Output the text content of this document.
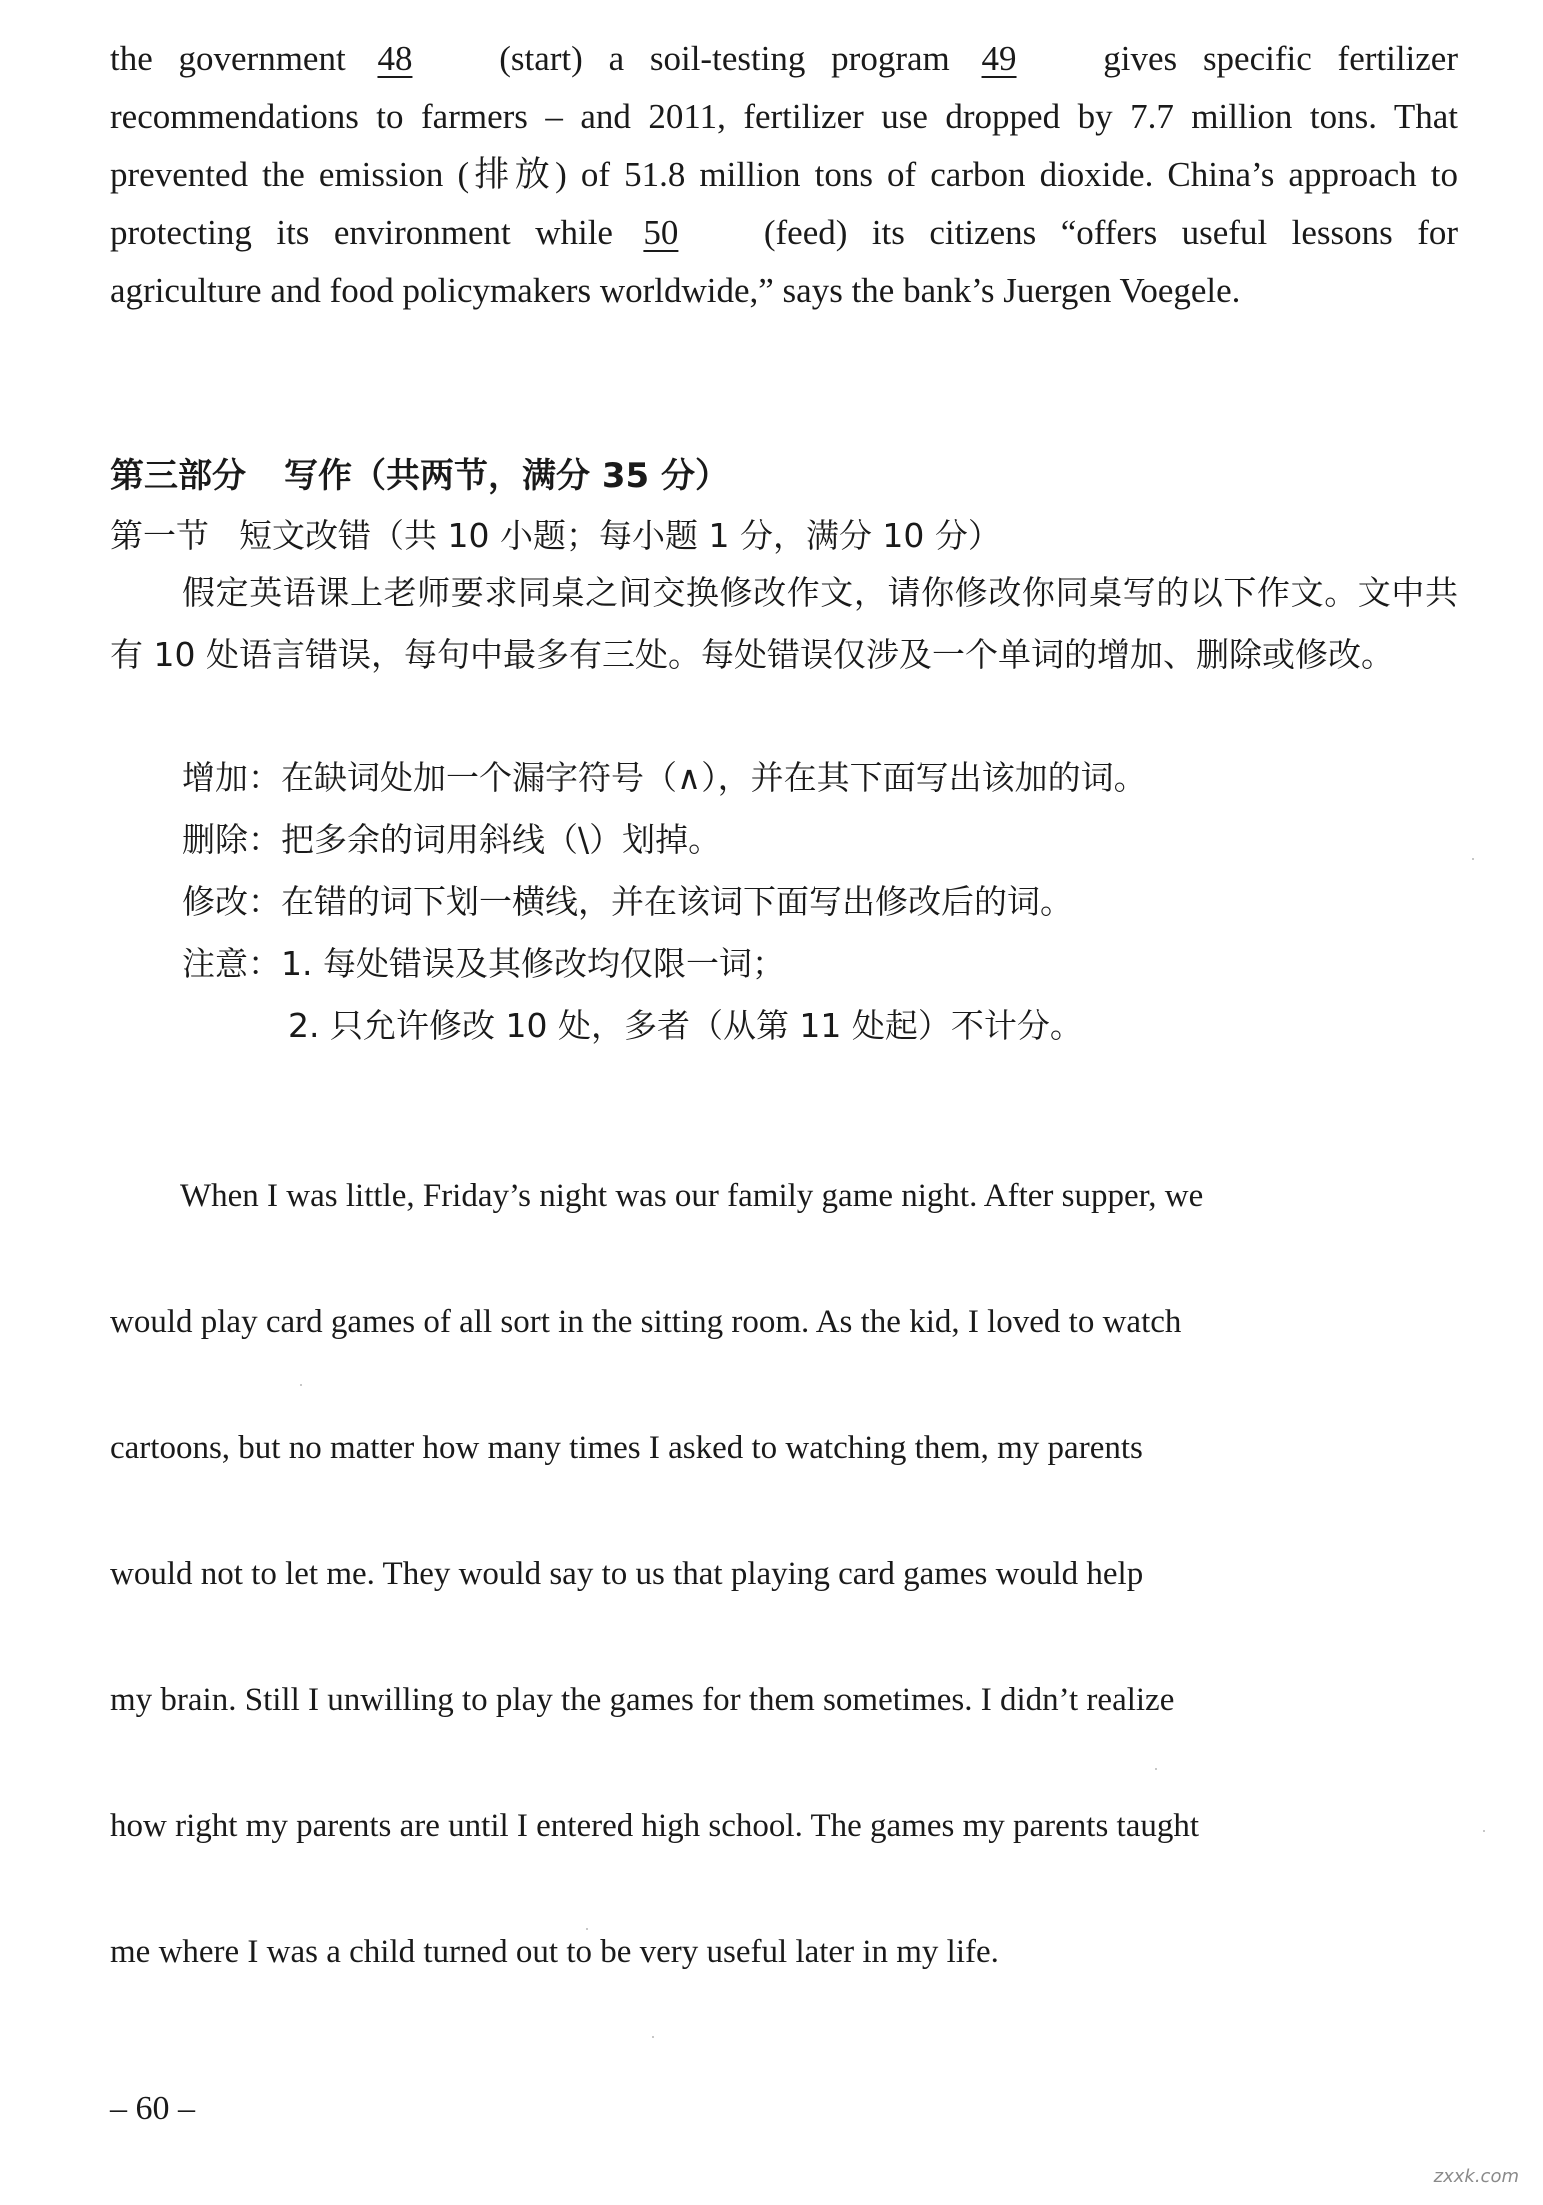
the government 48 (start) a soil-testing program 49 gives specific fertilizer
recommendations to farmers – and 2011, fertilizer use dropped by 7.7 million tons. That
prevented the emission (排放) of 51.8 million tons of carbon dioxide. China’s approach to
protecting its environment while 50 (feed) its citizens “offers useful lessons for
agriculture and food policymakers worldwide,” says the bank’s Juergen Voegele.
第三部分 写作（共两节，满分 35 分）
第一节 短文改错（共 10 小题；每小题 1 分，满分 10 分）
假定英语课上老师要求同桌之间交换修改作文，请你修改你同桌写的以下作文。文中共有 10 处语言错误，每句中最多有三处。每处错误仅涉及一个单词的增加、删除或修改。
增加：在缺词处加一个漏字符号（∧），并在其下面写出该加的词。
删除：把多余的词用斜线（\）划掉。
修改：在错的词下划一横线，并在该词下面写出修改后的词。
注意：1. 每处错误及其修改均仅限一词；
2. 只允许修改 10 处，多者（从第 11 处起）不计分。
When I was little, Friday’s night was our family game night. After supper, we
would play card games of all sort in the sitting room. As the kid, I loved to watch
cartoons, but no matter how many times I asked to watching them, my parents
would not to let me. They would say to us that playing card games would help
my brain. Still I unwilling to play the games for them sometimes. I didn’t realize
how right my parents are until I entered high school. The games my parents taught
me where I was a child turned out to be very useful later in my life.
– 60 –
zxxk.com
